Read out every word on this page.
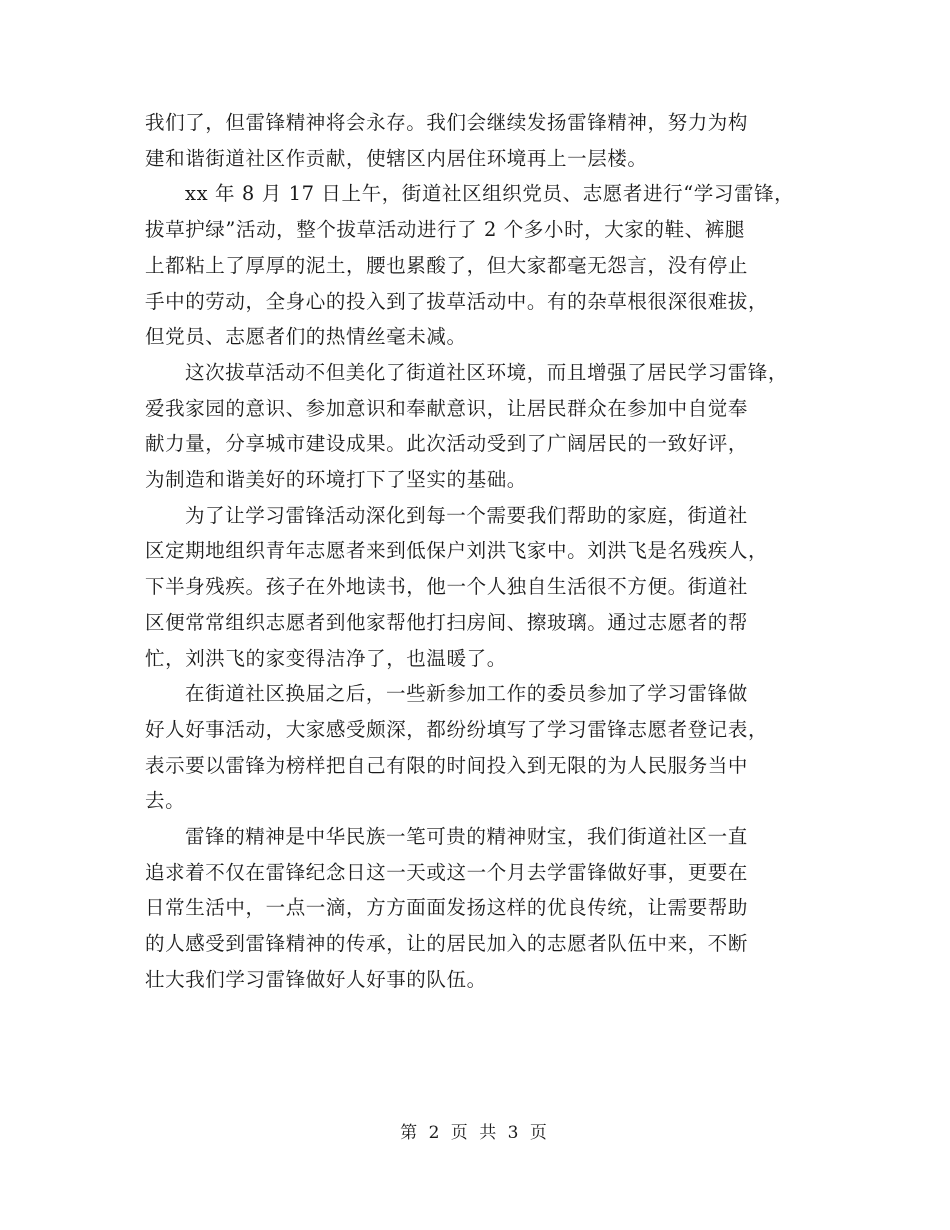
我们了，但雷锋精神将会永存。我们会继续发扬雷锋精神，努力为构
建和谐街道社区作贡献，使辖区内居住环境再上一层楼。
xx 年 8 月 17 日上午，街道社区组织党员、志愿者进行“学习雷锋，
拔草护绿”活动，整个拔草活动进行了 2 个多小时，大家的鞋、裤腿
上都粘上了厚厚的泥土，腰也累酸了，但大家都毫无怨言，没有停止
手中的劳动，全身心的投入到了拔草活动中。有的杂草根很深很难拔，
但党员、志愿者们的热情丝毫未减。
这次拔草活动不但美化了街道社区环境，而且增强了居民学习雷锋，
爱我家园的意识、参加意识和奉献意识，让居民群众在参加中自觉奉
献力量，分享城市建设成果。此次活动受到了广阔居民的一致好评，
为制造和谐美好的环境打下了坚实的基础。
为了让学习雷锋活动深化到每一个需要我们帮助的家庭，街道社
区定期地组织青年志愿者来到低保户刘洪飞家中。刘洪飞是名残疾人，
下半身残疾。孩子在外地读书，他一个人独自生活很不方便。街道社
区便常常组织志愿者到他家帮他打扫房间、擦玻璃。通过志愿者的帮
忙，刘洪飞的家变得洁净了，也温暖了。
在街道社区换届之后，一些新参加工作的委员参加了学习雷锋做
好人好事活动，大家感受颇深，都纷纷填写了学习雷锋志愿者登记表，
表示要以雷锋为榜样把自己有限的时间投入到无限的为人民服务当中
去。
雷锋的精神是中华民族一笔可贵的精神财宝，我们街道社区一直
追求着不仅在雷锋纪念日这一天或这一个月去学雷锋做好事，更要在
日常生活中，一点一滴，方方面面发扬这样的优良传统，让需要帮助
的人感受到雷锋精神的传承，让的居民加入的志愿者队伍中来，不断
壮大我们学习雷锋做好人好事的队伍。
第 2 页 共 3 页
